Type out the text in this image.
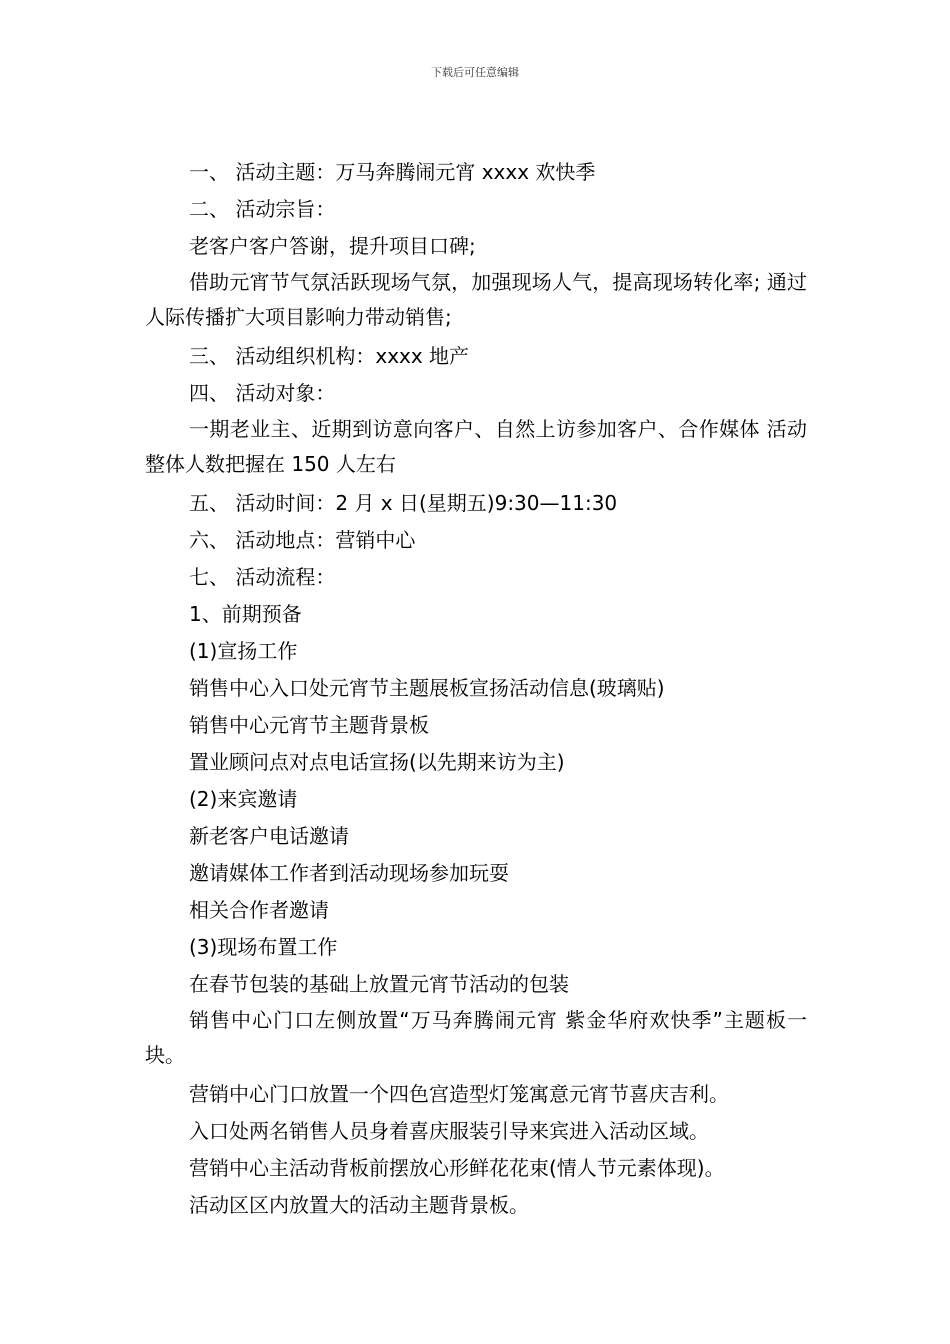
下载后可任意编辑

一、 活动主题：万马奔腾闹元宵 xxxx 欢快季

二、 活动宗旨：

老客户客户答谢，提升项目口碑;

借助元宵节气氛活跃现场气氛，加强现场人气，提高现场转化率; 通过人际传播扩大项目影响力带动销售;

三、 活动组织机构：xxxx 地产

四、 活动对象：

一期老业主、近期到访意向客户、自然上访参加客户、合作媒体 活动整体人数把握在 150 人左右

五、 活动时间：2 月 x 日(星期五)9:30—11:30

六、 活动地点：营销中心

七、 活动流程：

1、前期预备

(1)宣扬工作

销售中心入口处元宵节主题展板宣扬活动信息(玻璃贴)

销售中心元宵节主题背景板

置业顾问点对点电话宣扬(以先期来访为主)

(2)来宾邀请

新老客户电话邀请

邀请媒体工作者到活动现场参加玩耍

相关合作者邀请

(3)现场布置工作

在春节包装的基础上放置元宵节活动的包装

销售中心门口左侧放置“万马奔腾闹元宵 紫金华府欢快季”主题板一块。

营销中心门口放置一个四色宫造型灯笼寓意元宵节喜庆吉利。

入口处两名销售人员身着喜庆服装引导来宾进入活动区域。

营销中心主活动背板前摆放心形鲜花花束(情人节元素体现)。

活动区区内放置大的活动主题背景板。
